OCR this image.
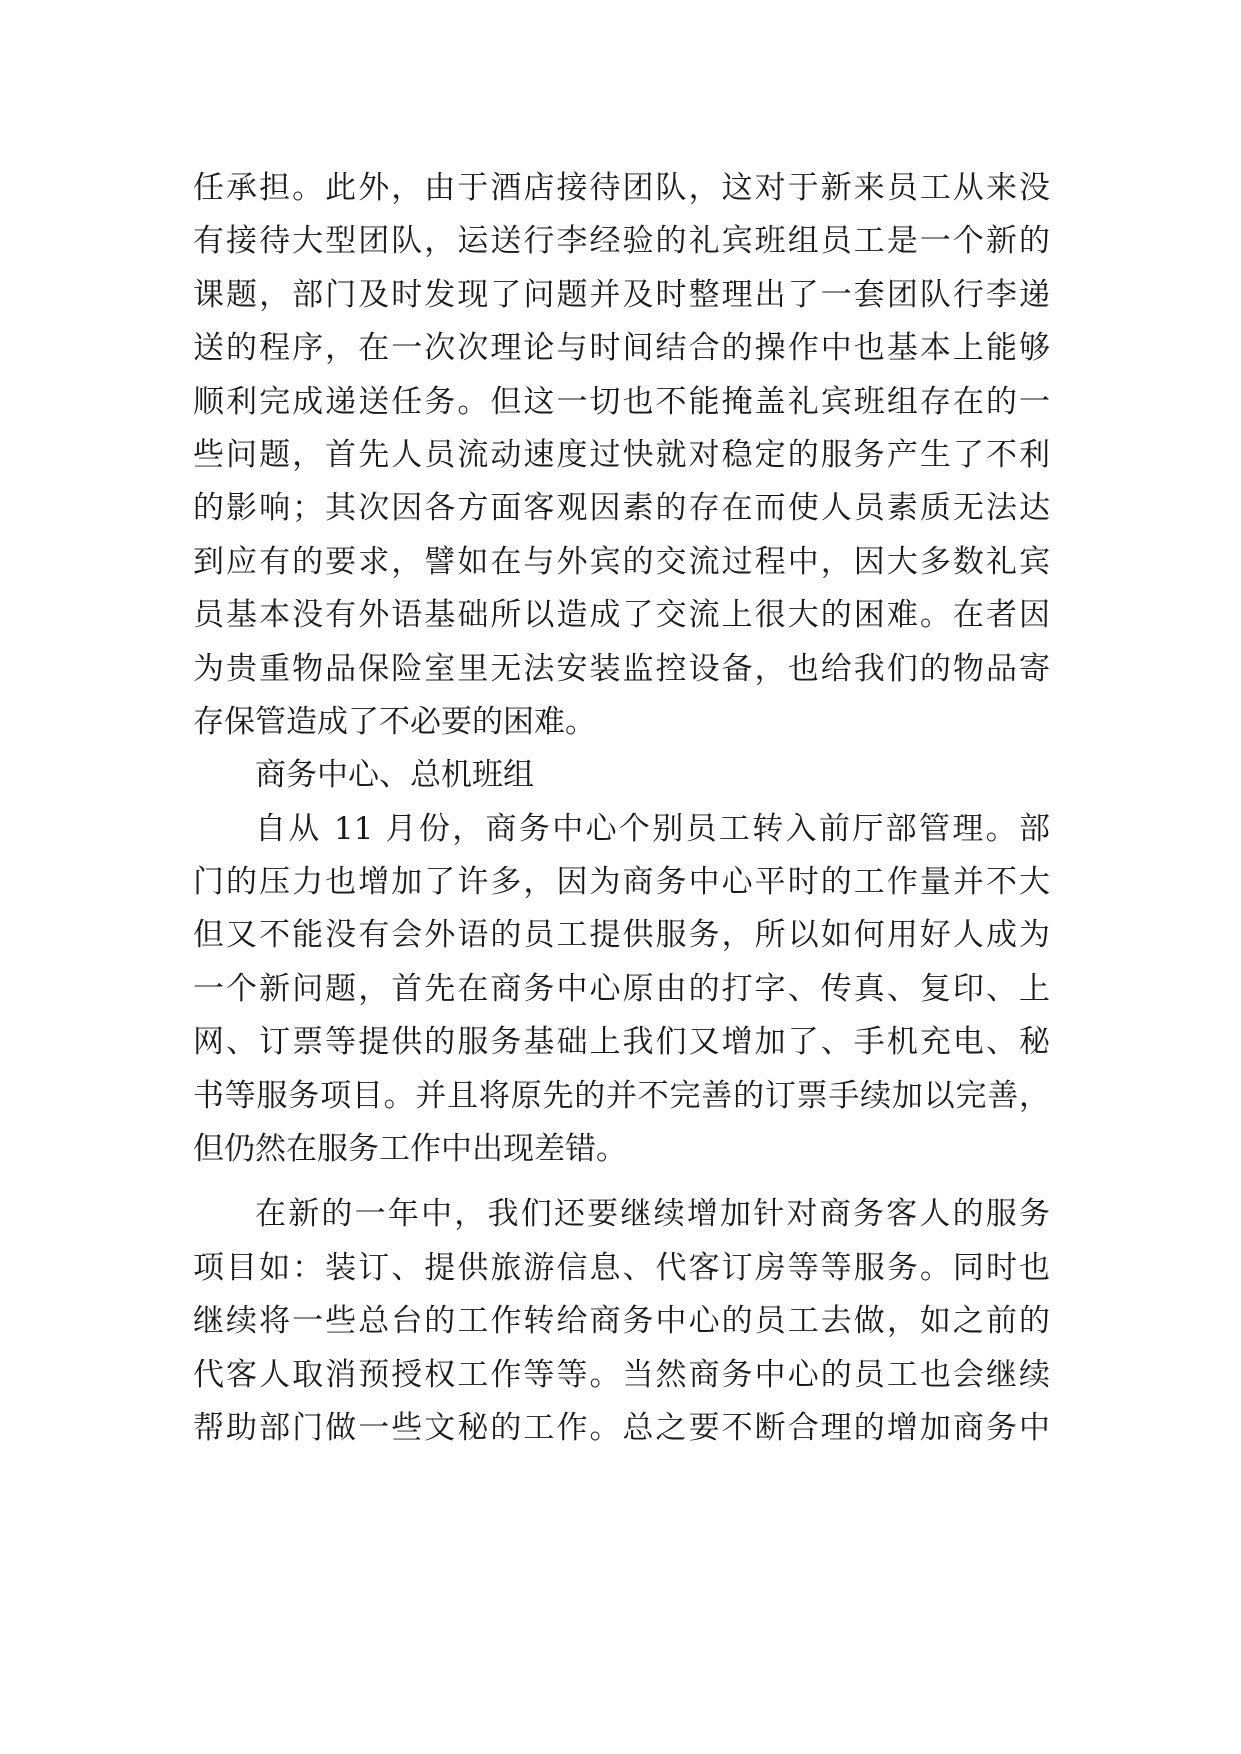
任承担。此外，由于酒店接待团队，这对于新来员工从来没
有接待大型团队，运送行李经验的礼宾班组员工是一个新的
课题，部门及时发现了问题并及时整理出了一套团队行李递
送的程序，在一次次理论与时间结合的操作中也基本上能够
顺利完成递送任务。但这一切也不能掩盖礼宾班组存在的一
些问题，首先人员流动速度过快就对稳定的服务产生了不利
的影响；其次因各方面客观因素的存在而使人员素质无法达
到应有的要求，譬如在与外宾的交流过程中，因大多数礼宾
员基本没有外语基础所以造成了交流上很大的困难。在者因
为贵重物品保险室里无法安装监控设备，也给我们的物品寄
存保管造成了不必要的困难。
商务中心、总机班组
自从 11 月份，商务中心个别员工转入前厅部管理。部
门的压力也增加了许多，因为商务中心平时的工作量并不大
但又不能没有会外语的员工提供服务，所以如何用好人成为
一个新问题，首先在商务中心原由的打字、传真、复印、上
网、订票等提供的服务基础上我们又增加了、手机充电、秘
书等服务项目。并且将原先的并不完善的订票手续加以完善，
但仍然在服务工作中出现差错。
在新的一年中，我们还要继续增加针对商务客人的服务
项目如：装订、提供旅游信息、代客订房等等服务。同时也
继续将一些总台的工作转给商务中心的员工去做，如之前的
代客人取消预授权工作等等。当然商务中心的员工也会继续
帮助部门做一些文秘的工作。总之要不断合理的增加商务中
